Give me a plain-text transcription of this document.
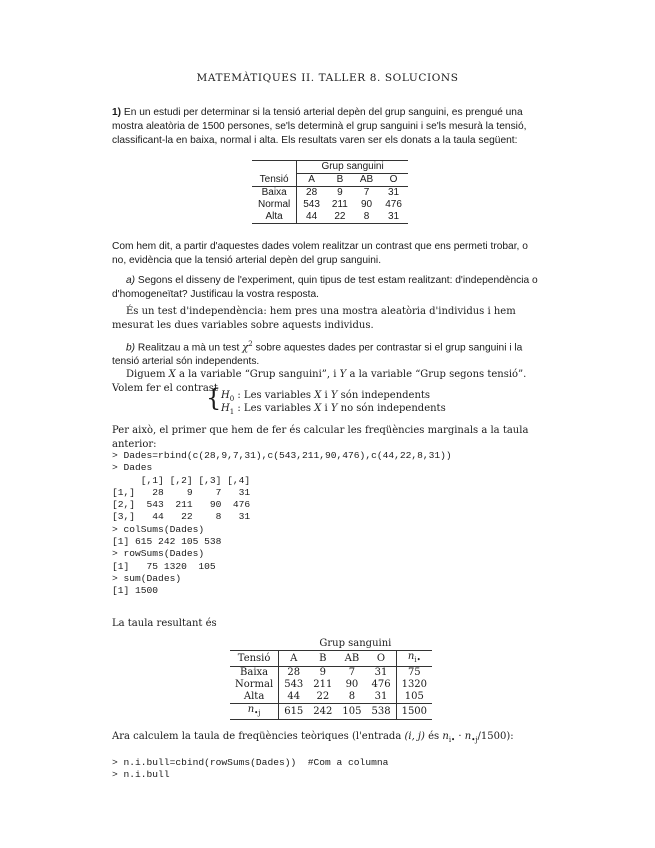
MATEMÀTIQUES II. TALLER 8. SOLUCIONS
1) En un estudi per determinar si la tensió arterial depèn del grup sanguini, es prengué una mostra aleatòria de 1500 persones, se'ls determinà el grup sanguini i se'ls mesurà la tensió, classificant-la en baixa, normal i alta. Els resultats varen ser els donats a la taula següent:
	Grup sanguini			
Tensió	A	B	AB	O
Baixa	28	9	7	31
Normal	543	211	90	476
Alta	44	22	8	31
Com hem dit, a partir d'aquestes dades volem realitzar un contrast que ens permeti trobar, o no, evidència que la tensió arterial depèn del grup sanguini.
a) Segons el disseny de l'experiment, quin tipus de test estam realitzant: d'independència o d'homogeneïtat? Justificau la vostra resposta.
És un test d'independència: hem pres una mostra aleatòria d'individus i hem mesurat les dues variables sobre aquests individus.
b) Realitzau a mà un test $\chi^2$ sobre aquestes dades per contrastar si el grup sanguini i la tensió arterial són independents.
Diguem X a la variable “Grup sanguini”, i Y a la variable “Grup segons tensió”. Volem fer el contrast
{ $H_0$ : Les variables X i Y són independents
$H_1$ : Les variables X i Y no són independents
Per això, el primer que hem de fer és calcular les freqüències marginals a la taula anterior:
> Dades=rbind(c(28,9,7,31),c(543,211,90,476),c(44,22,8,31))
> Dades
[,1] [,2] [,3] [,4]
[1,]   28    9    7   31
[2,]  543  211   90  476
[3,]   44   22    8   31
> colSums(Dades)
[1] 615 242 105 538
> rowSums(Dades)
[1]   75 1320  105
> sum(Dades)
[1] 1500
La taula resultant és
	Grup sanguini				
Tensió	A	B	AB	O	$n_{i•}$
Baixa	28	9	7	31	75
Normal	543	211	90	476	1320
Alta	44	22	8	31	105
$n_{•j}$	615	242	105	538	1500
Ara calculem la taula de freqüències teòriques (l'entrada (i, j) és $n_{i•} \cdot n_{•j}/1500$):
> n.i.bull=cbind(rowSums(Dades))  #Com a columna
> n.i.bull
